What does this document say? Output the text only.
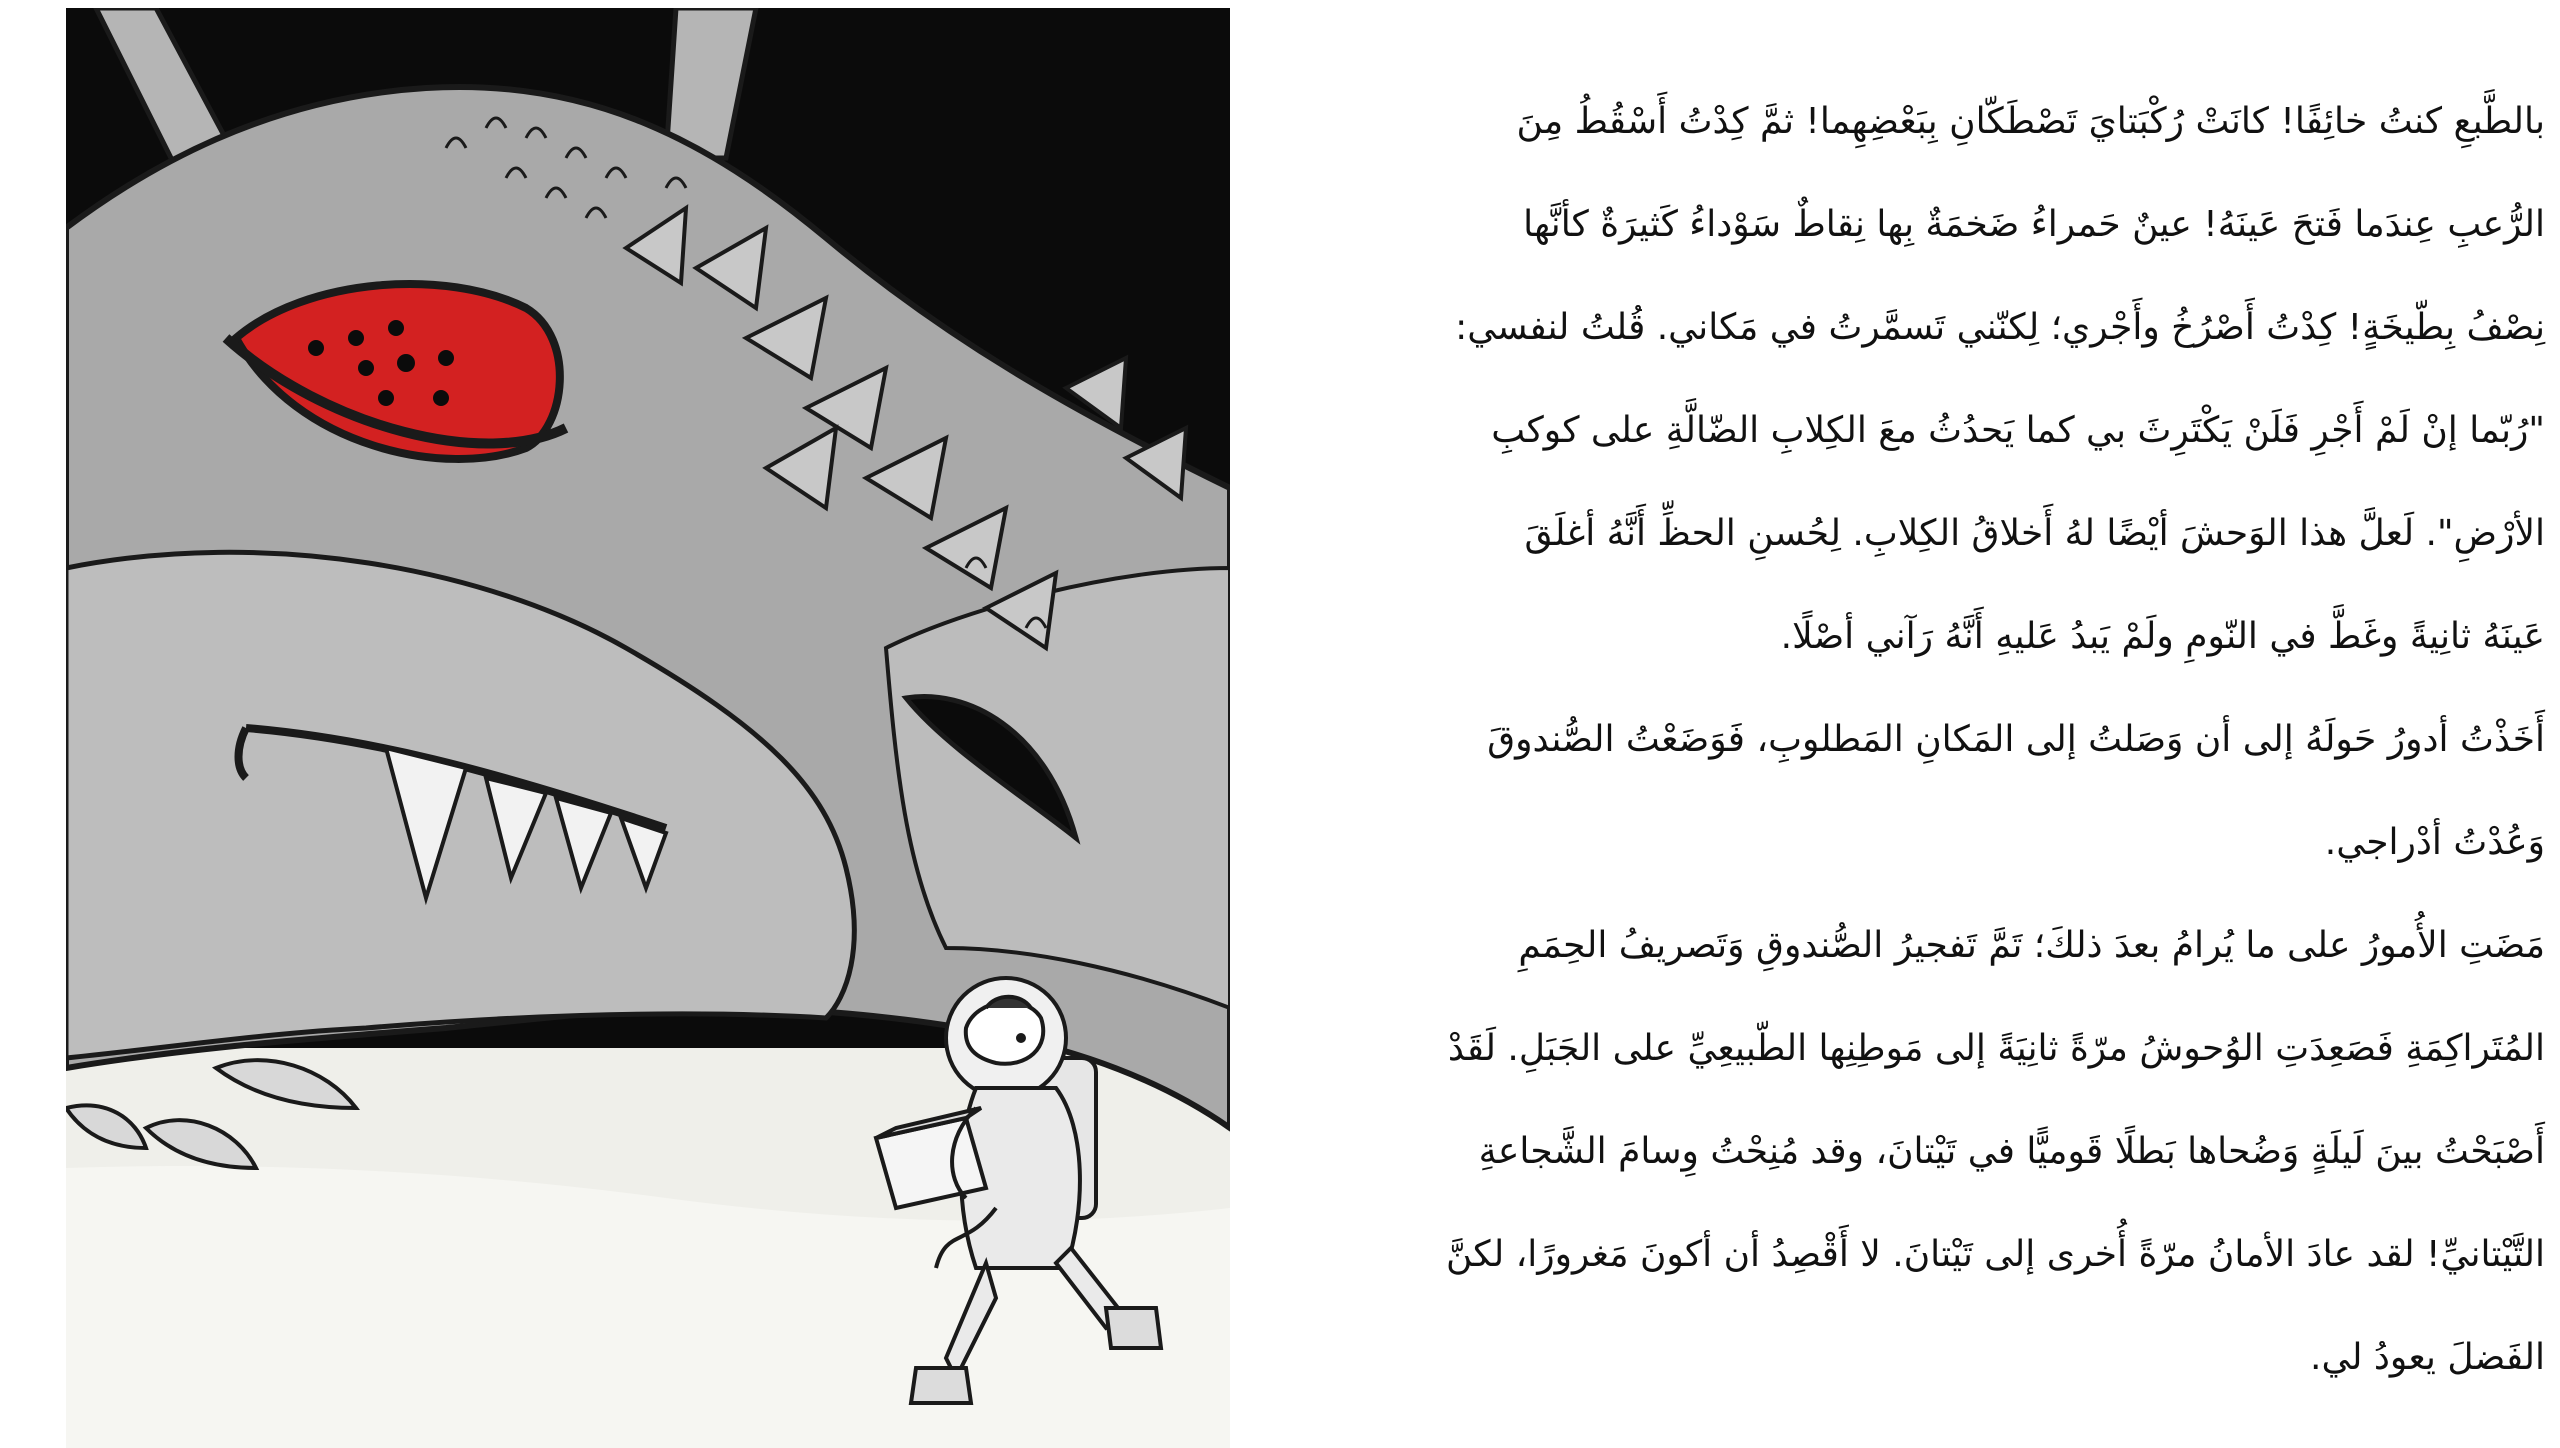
بالطَّبعِ كنتُ خائِفًا! كانَتْ رُكْبَتايَ تَصْطَكّانِ بِبَعْضِهِما! ثمَّ كِدْتُ أَسْقُطُ مِنَ
الرُّعبِ عِندَما فَتحَ عَينَهُ! عينٌ حَمراءُ ضَخمَةٌ بِها نِقاطٌ سَوْداءُ كَثيرَةٌ كأنَّها
نِصْفُ بِطّيخَةٍ! كِدْتُ أَصْرُخُ وأَجْري؛ لِكنّني تَسمَّرتُ في مَكاني. قُلتُ لنفسي:
"رُبّما إنْ لَمْ أَجْرِ فَلَنْ يَكْتَرِثَ بي كما يَحدُثُ معَ الكِلابِ الضّالَّةِ على كوكبِ
الأرْضِ". لَعلَّ هذا الوَحشَ أيْضًا لهُ أَخلاقُ الكِلابِ. لِحُسنِ الحظِّ أَنَّهُ أغلَقَ
عَينَهُ ثانِيةً وغَطَّ في النّومِ ولَمْ يَبدُ عَليهِ أَنَّهُ رَآني أصْلًا.
أَخَذْتُ أدورُ حَولَهُ إلى أن وَصَلتُ إلى المَكانِ المَطلوبِ، فَوَضَعْتُ الصُّندوقَ
وَعُدْتُ أدْراجي.
مَضَتِ الأُمورُ على ما يُرامُ بعدَ ذلكَ؛ تَمَّ تَفجيرُ الصُّندوقِ وَتَصريفُ الحِمَمِ
المُتَراكِمَةِ فَصَعِدَتِ الوُحوشُ مرّةً ثانِيَةً إلى مَوطِنِها الطّبيعِيِّ على الجَبَلِ. لَقَدْ
أَصْبَحْتُ بينَ لَيلَةٍ وَضُحاها بَطلًا قَوميًّا في تَيْتانَ، وقد مُنِحْتُ وِسامَ الشَّجاعةِ
التَّيْتانيِّ! لقد عادَ الأمانُ مرّةً أُخرى إلى تَيْتانَ. لا أَقْصِدُ أن أكونَ مَغرورًا، لكنَّ
الفَضلَ يعودُ لي.
